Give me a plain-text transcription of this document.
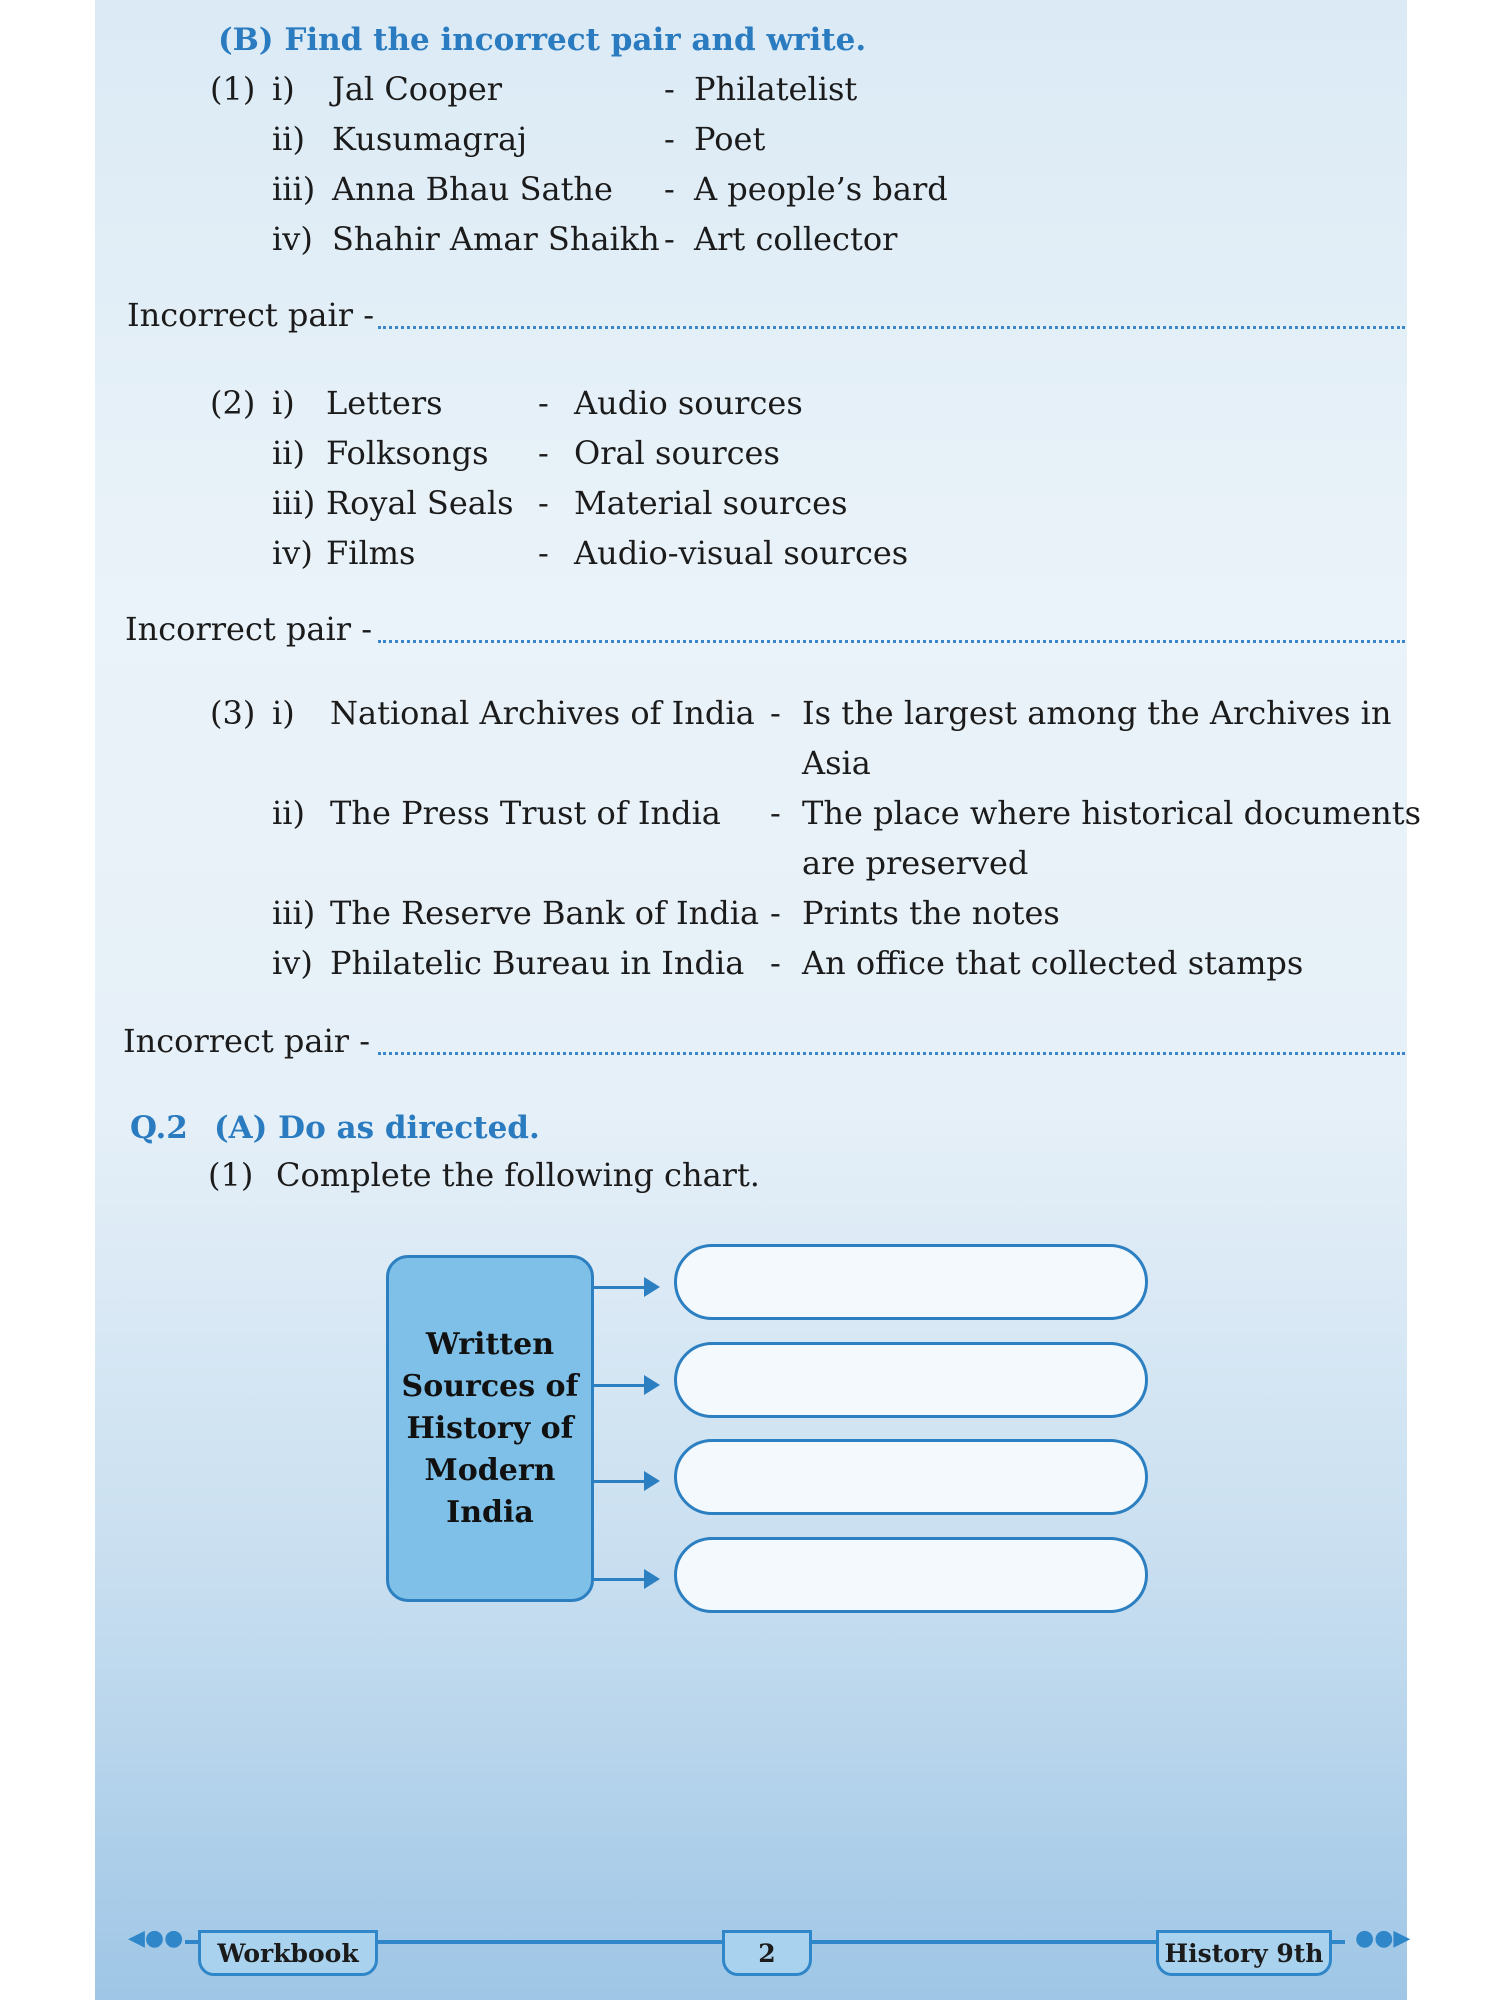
(B) Find the incorrect pair and write.
(1) i) Jal Cooper	- Philatelist
ii) Kusumagraj	- Poet
iii) Anna Bhau Sathe - A people’s bard
iv) Shahir Amar Shaikh - Art collector
Incorrect pair -
(2) i) Letters	- Audio sources
ii) Folksongs - Oral sources
iii) Royal Seals - Material sources
iv) Films	- Audio-visual sources
Incorrect pair -
(3) i) National Archives of India - Is the largest among the Archives in
Asia
ii) The Press Trust of India - The place where historical documents
are preserved
iii) The Reserve Bank of India - Prints the notes
iv) Philatelic Bureau in India - An office that collected stamps
Incorrect pair -
Q.2 (A) Do as directed.
(1) Complete the following chart.
Written
Sources of
History of
Modern
India
◀●●	●●▶
Workbook	2	History 9th
